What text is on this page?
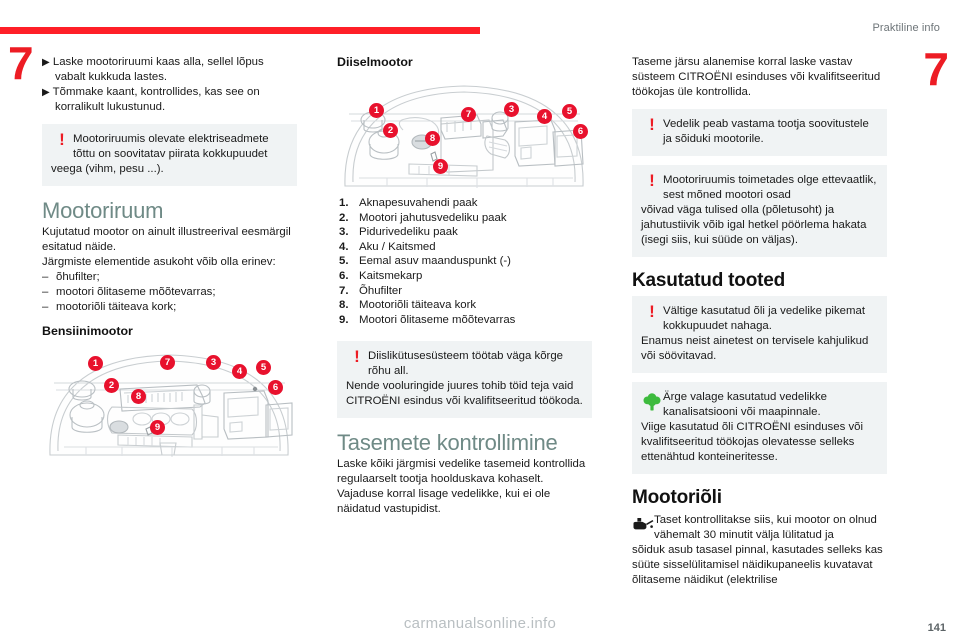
Praktiline info
7	7

▶ Laske mootoriruumi kaas alla, sellel lõpus vabalt kukkuda lastes.

▶ Tõmmake kaant, kontrollides, kas see on korralikult lukustunud.

! Mootoriruumis olevate elektriseadmete tõttu on soovitatav piirata kokkupuudet
veega (vihm, pesu ...).
Mootoriruum

Kujutatud mootor on ainult illustreerival eesmärgil esitatud näide.

Järgmiste elementide asukoht võib olla erinev:

– õhufilter;
– mootori õlitaseme mõõtevarras;
– mootoriõli täiteava kork;
Bensiinimootor
1
2
3
4	5
6
7
8
9
Diiselmootor
1
2
3
4	5
6
7
8
9
1. Aknapesuvahendi paak
2. Mootori jahutusvedeliku paak
3. Pidurivedeliku paak
4. Aku / Kaitsmed
5. Eemal asuv maanduspunkt (-)
6. Kaitsmekarp
7. Õhufilter
8. Mootoriõli täiteava kork
9. Mootori õlitaseme mõõtevarras
! Diislikütusesüsteem töötab väga kõrge rõhu all.
Nende vooluringide juures tohib töid teja vaid CITROËNI esindus või kvalifitseeritud töökoda.
Tasemete kontrollimine

Laske kõiki järgmisi vedelike tasemeid kontrollida regulaarselt tootja hoolduskava kohaselt. Vajaduse korral lisage vedelikke, kui ei ole näidatud vastupidist.

Taseme järsu alanemise korral laske vastav süsteem CITROËNI esinduses või kvalifitseeritud töökojas üle kontrollida.

! Vedelik peab vastama tootja soovitustele ja sõiduki mootorile.
! Mootoriruumis toimetades olge ettevaatlik, sest mõned mootori osad
võivad väga tulised olla (põletusoht) ja jahutustiivik võib igal hetkel pöörlema hakata (isegi siis, kui süüde on väljas).
Kasutatud tooted
! Vältige kasutatud õli ja vedelike pikemat kokkupuudet nahaga.
Enamus neist ainetest on tervisele kahjulikud või söövitavad.
Ärge valage kasutatud vedelikke kanalisatsiooni või maapinnale.
Viige kasutatud õli CITROËNI esinduses või kvalifitseeritud töökojas olevatesse selleks ettenähtud konteineritesse.
Mootoriõli
Taset kontrollitakse siis, kui mootor on olnud vähemalt 30 minutit välja lülitatud ja
sõiduk asub tasasel pinnal, kasutades selleks kas süüte sisselülitamisel näidikupaneelis kuvatavat õlitaseme näidikut (elektrilise
carmanualsonline.info	141
